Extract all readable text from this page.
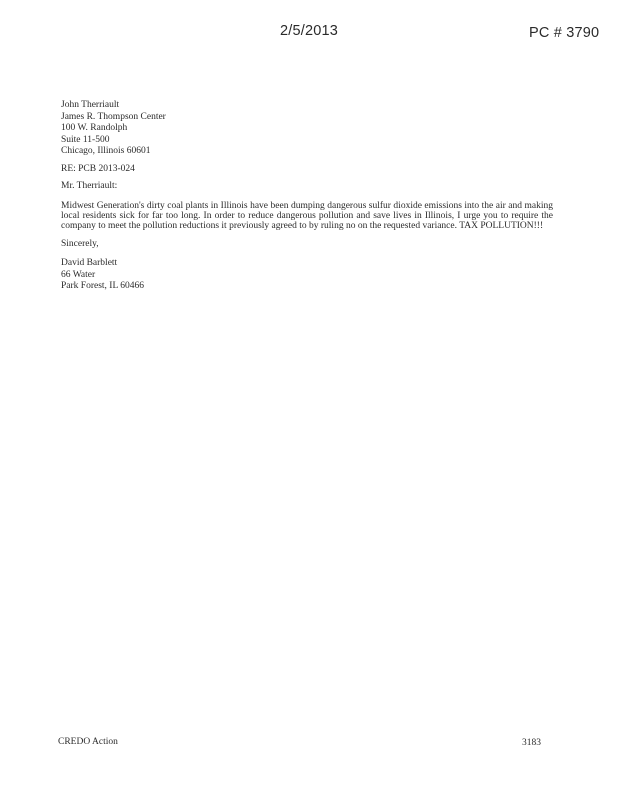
2/5/2013	PC # 3790
John Therriault
James R. Thompson Center
100 W. Randolph
Suite 11-500
Chicago, Illinois 60601
RE: PCB 2013-024
Mr. Therriault:
Midwest Generation's dirty coal plants in Illinois have been dumping dangerous sulfur dioxide emissions into the air and making local residents sick for far too long. In order to reduce dangerous pollution and save lives in Illinois, I urge you to require the company to meet the pollution reductions it previously agreed to by ruling no on the requested variance. TAX POLLUTION!!!
Sincerely,
David Barblett
66 Water
Park Forest, IL 60466
CREDO Action	3183
